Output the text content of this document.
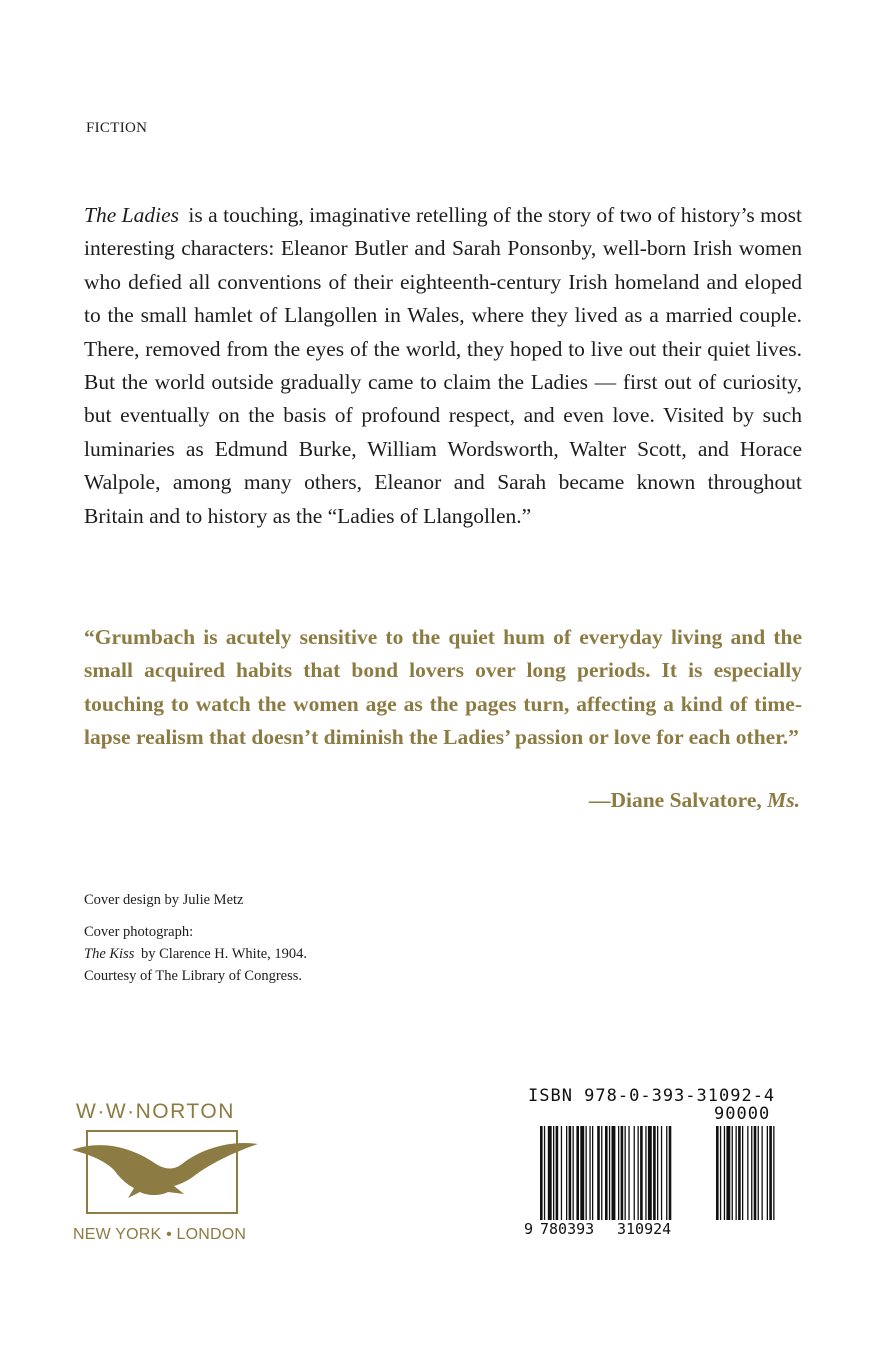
FICTION

The Ladies is a touching, imaginative retelling of the story of two of history’s most interesting characters: Eleanor Butler and Sarah Ponsonby, well-born Irish women who defied all conventions of their eighteenth-century Irish homeland and eloped to the small hamlet of Llangollen in Wales, where they lived as a married couple. There, removed from the eyes of the world, they hoped to live out their quiet lives. But the world outside gradually came to claim the Ladies — first out of curiosity, but eventually on the basis of profound respect, and even love. Visited by such luminaries as Edmund Burke, William Wordsworth, Walter Scott, and Horace Walpole, among many others, Eleanor and Sarah became known throughout Britain and to history as the “Ladies of Llangollen.”

“Grumbach is acutely sensitive to the quiet hum of everyday living and the small acquired habits that bond lovers over long periods. It is especially touching to watch the women age as the pages turn, affecting a kind of time-lapse realism that doesn’t diminish the Ladies’ passion or love for each other.”

—Diane Salvatore, Ms.

Cover design by Julie Metz

Cover photograph:

The Kiss by Clarence H. White, 1904.

Courtesy of The Library of Congress.

W·W·NORTON
NEW YORK • LONDON
ISBN 978-0-393-31092-4
90000
9 780393 310924
